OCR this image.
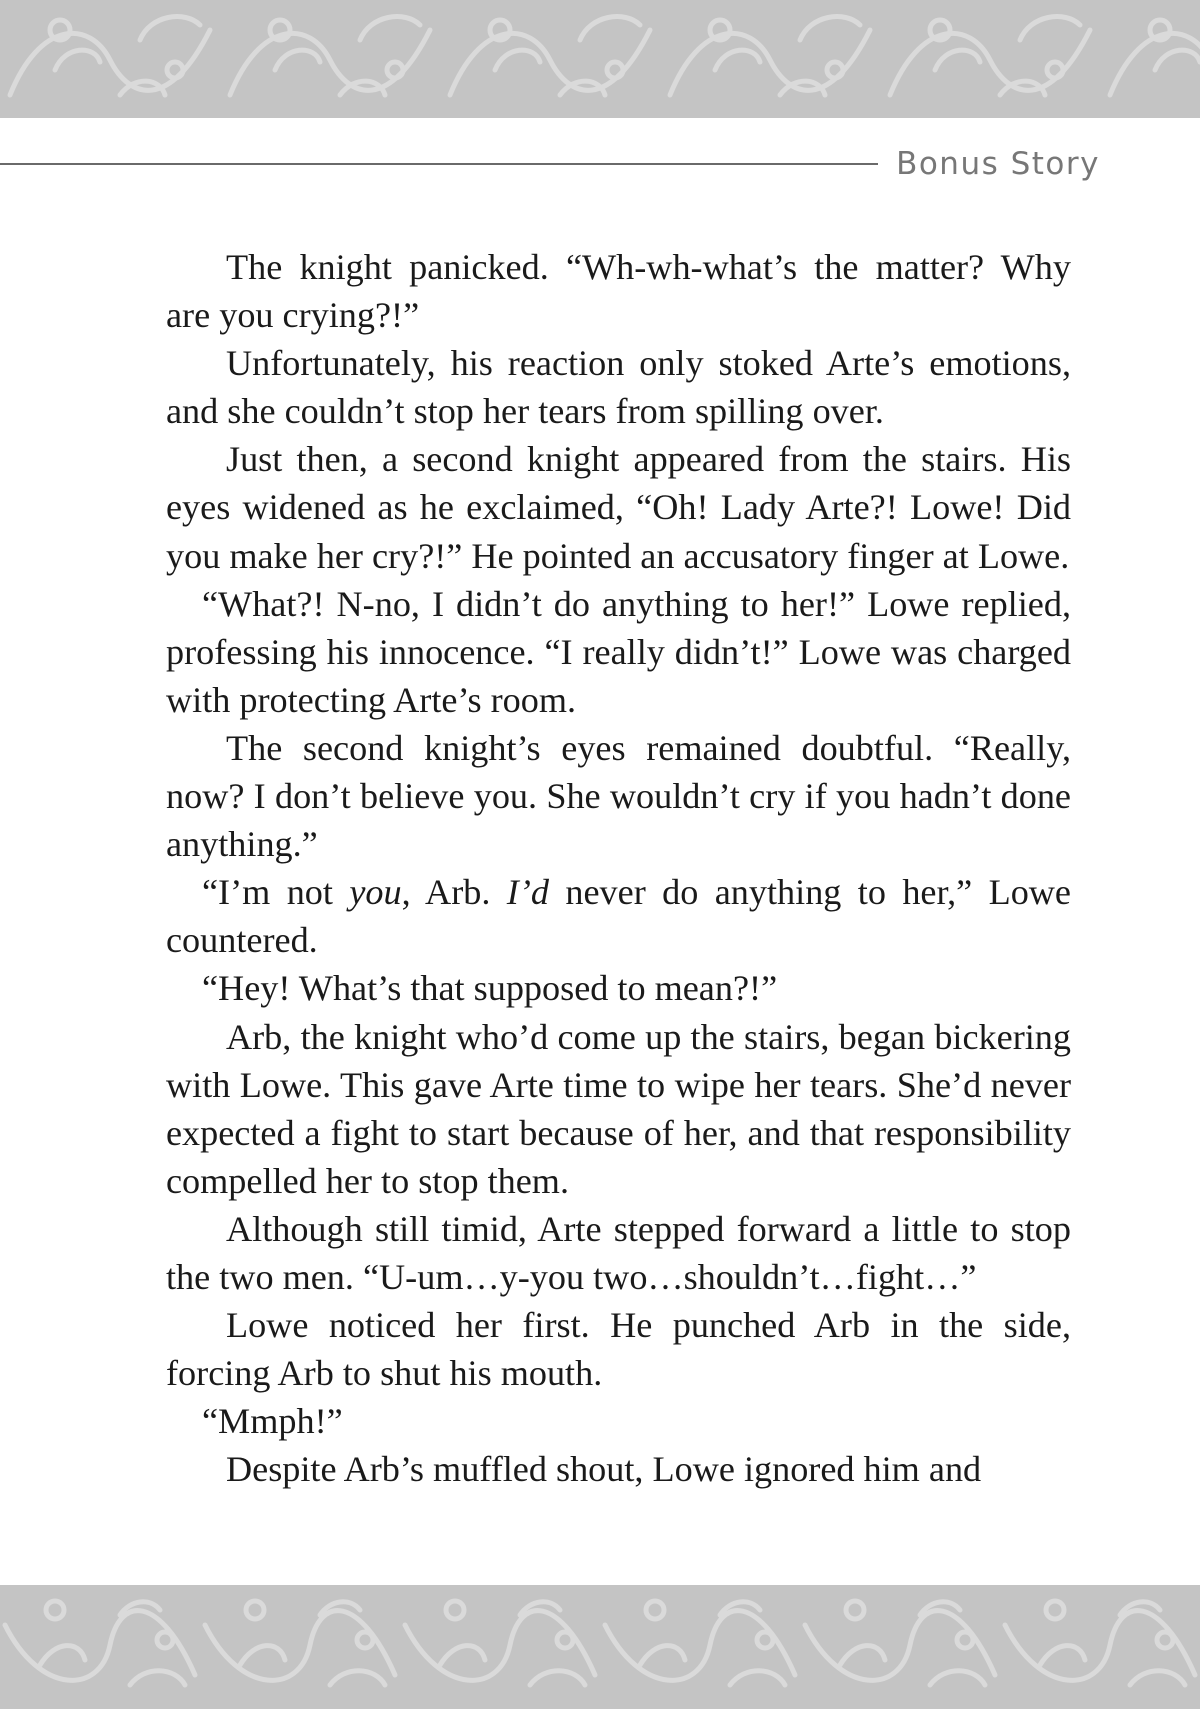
Bonus Story

The knight panicked. “Wh-wh-what’s the matter? Why are you crying?!”

Unfortunately, his reaction only stoked Arte’s emotions, and she couldn’t stop her tears from spilling over.

Just then, a second knight appeared from the stairs. His eyes widened as he exclaimed, “Oh! Lady Arte?! Lowe! Did you make her cry?!” He pointed an accusatory finger at Lowe.

“What?! N-no, I didn’t do anything to her!” Lowe replied, professing his innocence. “I really didn’t!” Lowe was charged with protecting Arte’s room.

The second knight’s eyes remained doubtful. “Really, now? I don’t believe you. She wouldn’t cry if you hadn’t done anything.”

“I’m not you, Arb. I’d never do anything to her,” Lowe countered.

“Hey! What’s that supposed to mean?!”

Arb, the knight who’d come up the stairs, began bickering with Lowe. This gave Arte time to wipe her tears. She’d never expected a fight to start because of her, and that responsibility compelled her to stop them.

Although still timid, Arte stepped forward a little to stop the two men. “U-um…y-you two…shouldn’t…fight…”

Lowe noticed her first. He punched Arb in the side, forcing Arb to shut his mouth.

“Mmph!”

Despite Arb’s muffled shout, Lowe ignored him and
